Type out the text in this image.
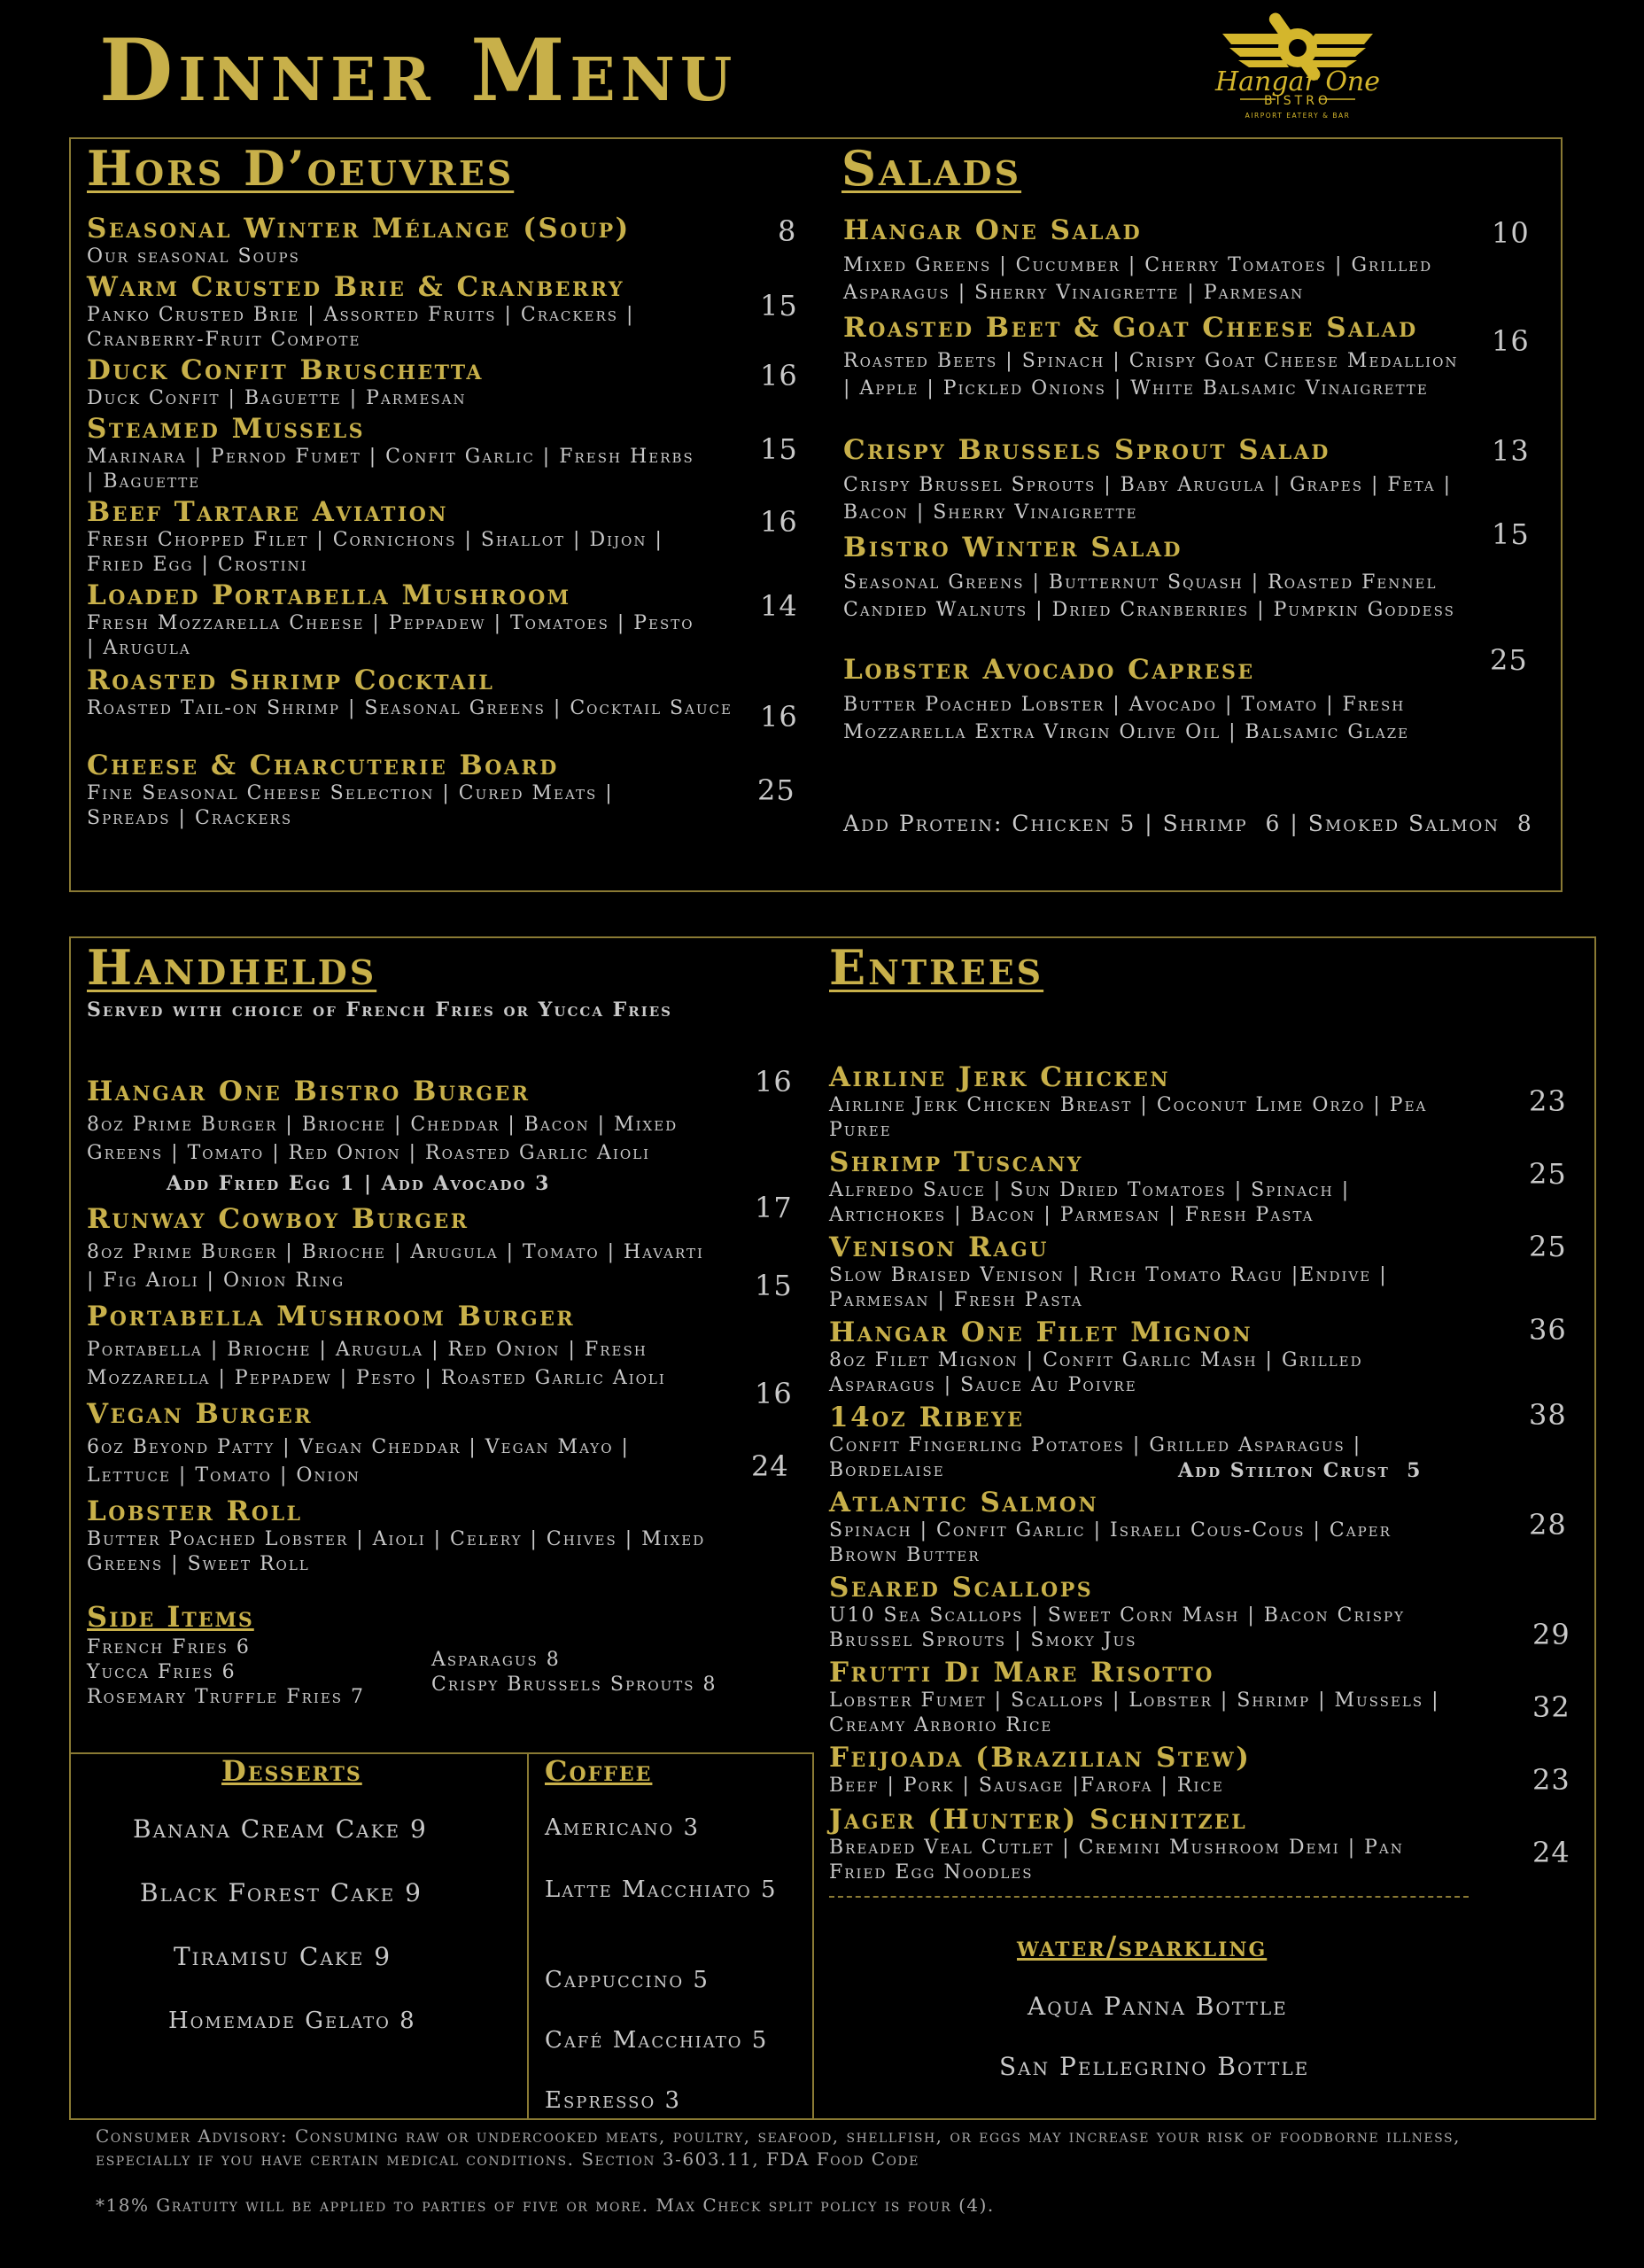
Dinner Menu	Hangar One
BISTRO
AIRPORT EATERY & BAR
Hors D’oeuvres
Seasonal Winter Mélange (Soup)
Our seasonal Soups
8
Warm Crusted Brie & Cranberry
Panko Crusted Brie | Assorted Fruits | Crackers | Cranberry-Fruit Compote
15
Duck Confit Bruschetta
Duck Confit | Baguette | Parmesan
16
Steamed Mussels
Marinara | Pernod Fumet | Confit Garlic | Fresh Herbs | Baguette
15
Beef Tartare Aviation
Fresh Chopped Filet | Cornichons | Shallot | Dijon | Fried Egg | Crostini
16
Loaded Portabella Mushroom
Fresh Mozzarella Cheese | Peppadew | Tomatoes | Pesto | Arugula
14
Roasted Shrimp Cocktail
Roasted Tail-on Shrimp | Seasonal Greens | Cocktail Sauce 16
Cheese & Charcuterie Board
Fine Seasonal Cheese Selection | Cured Meats | Spreads | Crackers
25
Salads
Hangar One Salad
Mixed Greens | Cucumber | Cherry Tomatoes | Grilled Asparagus | Sherry Vinaigrette | Parmesan
10
Roasted Beet & Goat Cheese Salad
Roasted Beets | Spinach | Crispy Goat Cheese Medallion | Apple | Pickled Onions | White Balsamic Vinaigrette
16
Crispy Brussels Sprout Salad
Crispy Brussel Sprouts | Baby Arugula | Grapes | Feta | Bacon | Sherry Vinaigrette
13
Bistro Winter Salad
Seasonal Greens | Butternut Squash | Roasted Fennel Candied Walnuts | Dried Cranberries | Pumpkin Goddess
15
Lobster Avocado Caprese
Butter Poached Lobster | Avocado | Tomato | Fresh Mozzarella Extra Virgin Olive Oil | Balsamic Glaze
25
Add Protein: Chicken 5 | Shrimp  6 | Smoked Salmon  8
Handhelds
Served with choice of French Fries or Yucca Fries
Hangar One Bistro Burger
8oz Prime Burger | Brioche | Cheddar | Bacon | Mixed Greens | Tomato | Red Onion | Roasted Garlic Aioli
16
Add Fried Egg 1 | Add Avocado 3
Runway Cowboy Burger
8oz Prime Burger | Brioche | Arugula | Tomato | Havarti | Fig Aioli | Onion Ring
17
Portabella Mushroom Burger
Portabella | Brioche | Arugula | Red Onion | Fresh Mozzarella | Peppadew | Pesto | Roasted Garlic Aioli
15
Vegan Burger
6oz Beyond Patty | Vegan Cheddar | Vegan Mayo | Lettuce | Tomato | Onion
16
Lobster Roll
Butter Poached Lobster | Aioli | Celery | Chives | Mixed Greens | Sweet Roll
24
Side Items
French Fries 6
Yucca Fries 6
Rosemary Truffle Fries 7
Asparagus 8
Crispy Brussels Sprouts 8
Desserts
Banana Cream Cake 9
Black Forest Cake 9
Tiramisu Cake 9
Homemade Gelato 8
Coffee
Americano 3
Latte Macchiato 5
Cappuccino 5
Café Macchiato 5
Espresso 3
Entrees
Airline Jerk Chicken
Airline Jerk Chicken Breast | Coconut Lime Orzo | Pea Puree
23
Shrimp Tuscany
Alfredo Sauce | Sun Dried Tomatoes | Spinach | Artichokes | Bacon | Parmesan | Fresh Pasta
25
Venison Ragu
Slow Braised Venison | Rich Tomato Ragu |Endive | Parmesan | Fresh Pasta
25
Hangar One Filet Mignon
8oz Filet Mignon | Confit Garlic Mash | Grilled Asparagus | Sauce Au Poivre
36
14oz Ribeye
Confit Fingerling Potatoes | Grilled Asparagus | Bordelaise
38
Add Stilton Crust  5
Atlantic Salmon
Spinach | Confit Garlic | Israeli Cous-Cous | Caper Brown Butter
28
Seared Scallops
U10 Sea Scallops | Sweet Corn Mash | Bacon Crispy Brussel Sprouts | Smoky Jus	29
Frutti Di Mare Risotto
Lobster Fumet | Scallops | Lobster | Shrimp | Mussels | Creamy Arborio Rice
32
Feijoada (Brazilian Stew)
Beef | Pork | Sausage |Farofa | Rice	23
Jager (Hunter) Schnitzel
Breaded Veal Cutlet | Cremini Mushroom Demi | Pan Fried Egg Noodles
24
water/sparkling
Aqua Panna Bottle
San Pellegrino Bottle
Consumer Advisory: Consuming raw or undercooked meats, poultry, seafood, shellfish, or eggs may increase your risk of foodborne illness, especially if you have certain medical conditions. Section 3-603.11, FDA Food Code
*18% Gratuity will be applied to parties of five or more. Max Check split policy is four (4).
